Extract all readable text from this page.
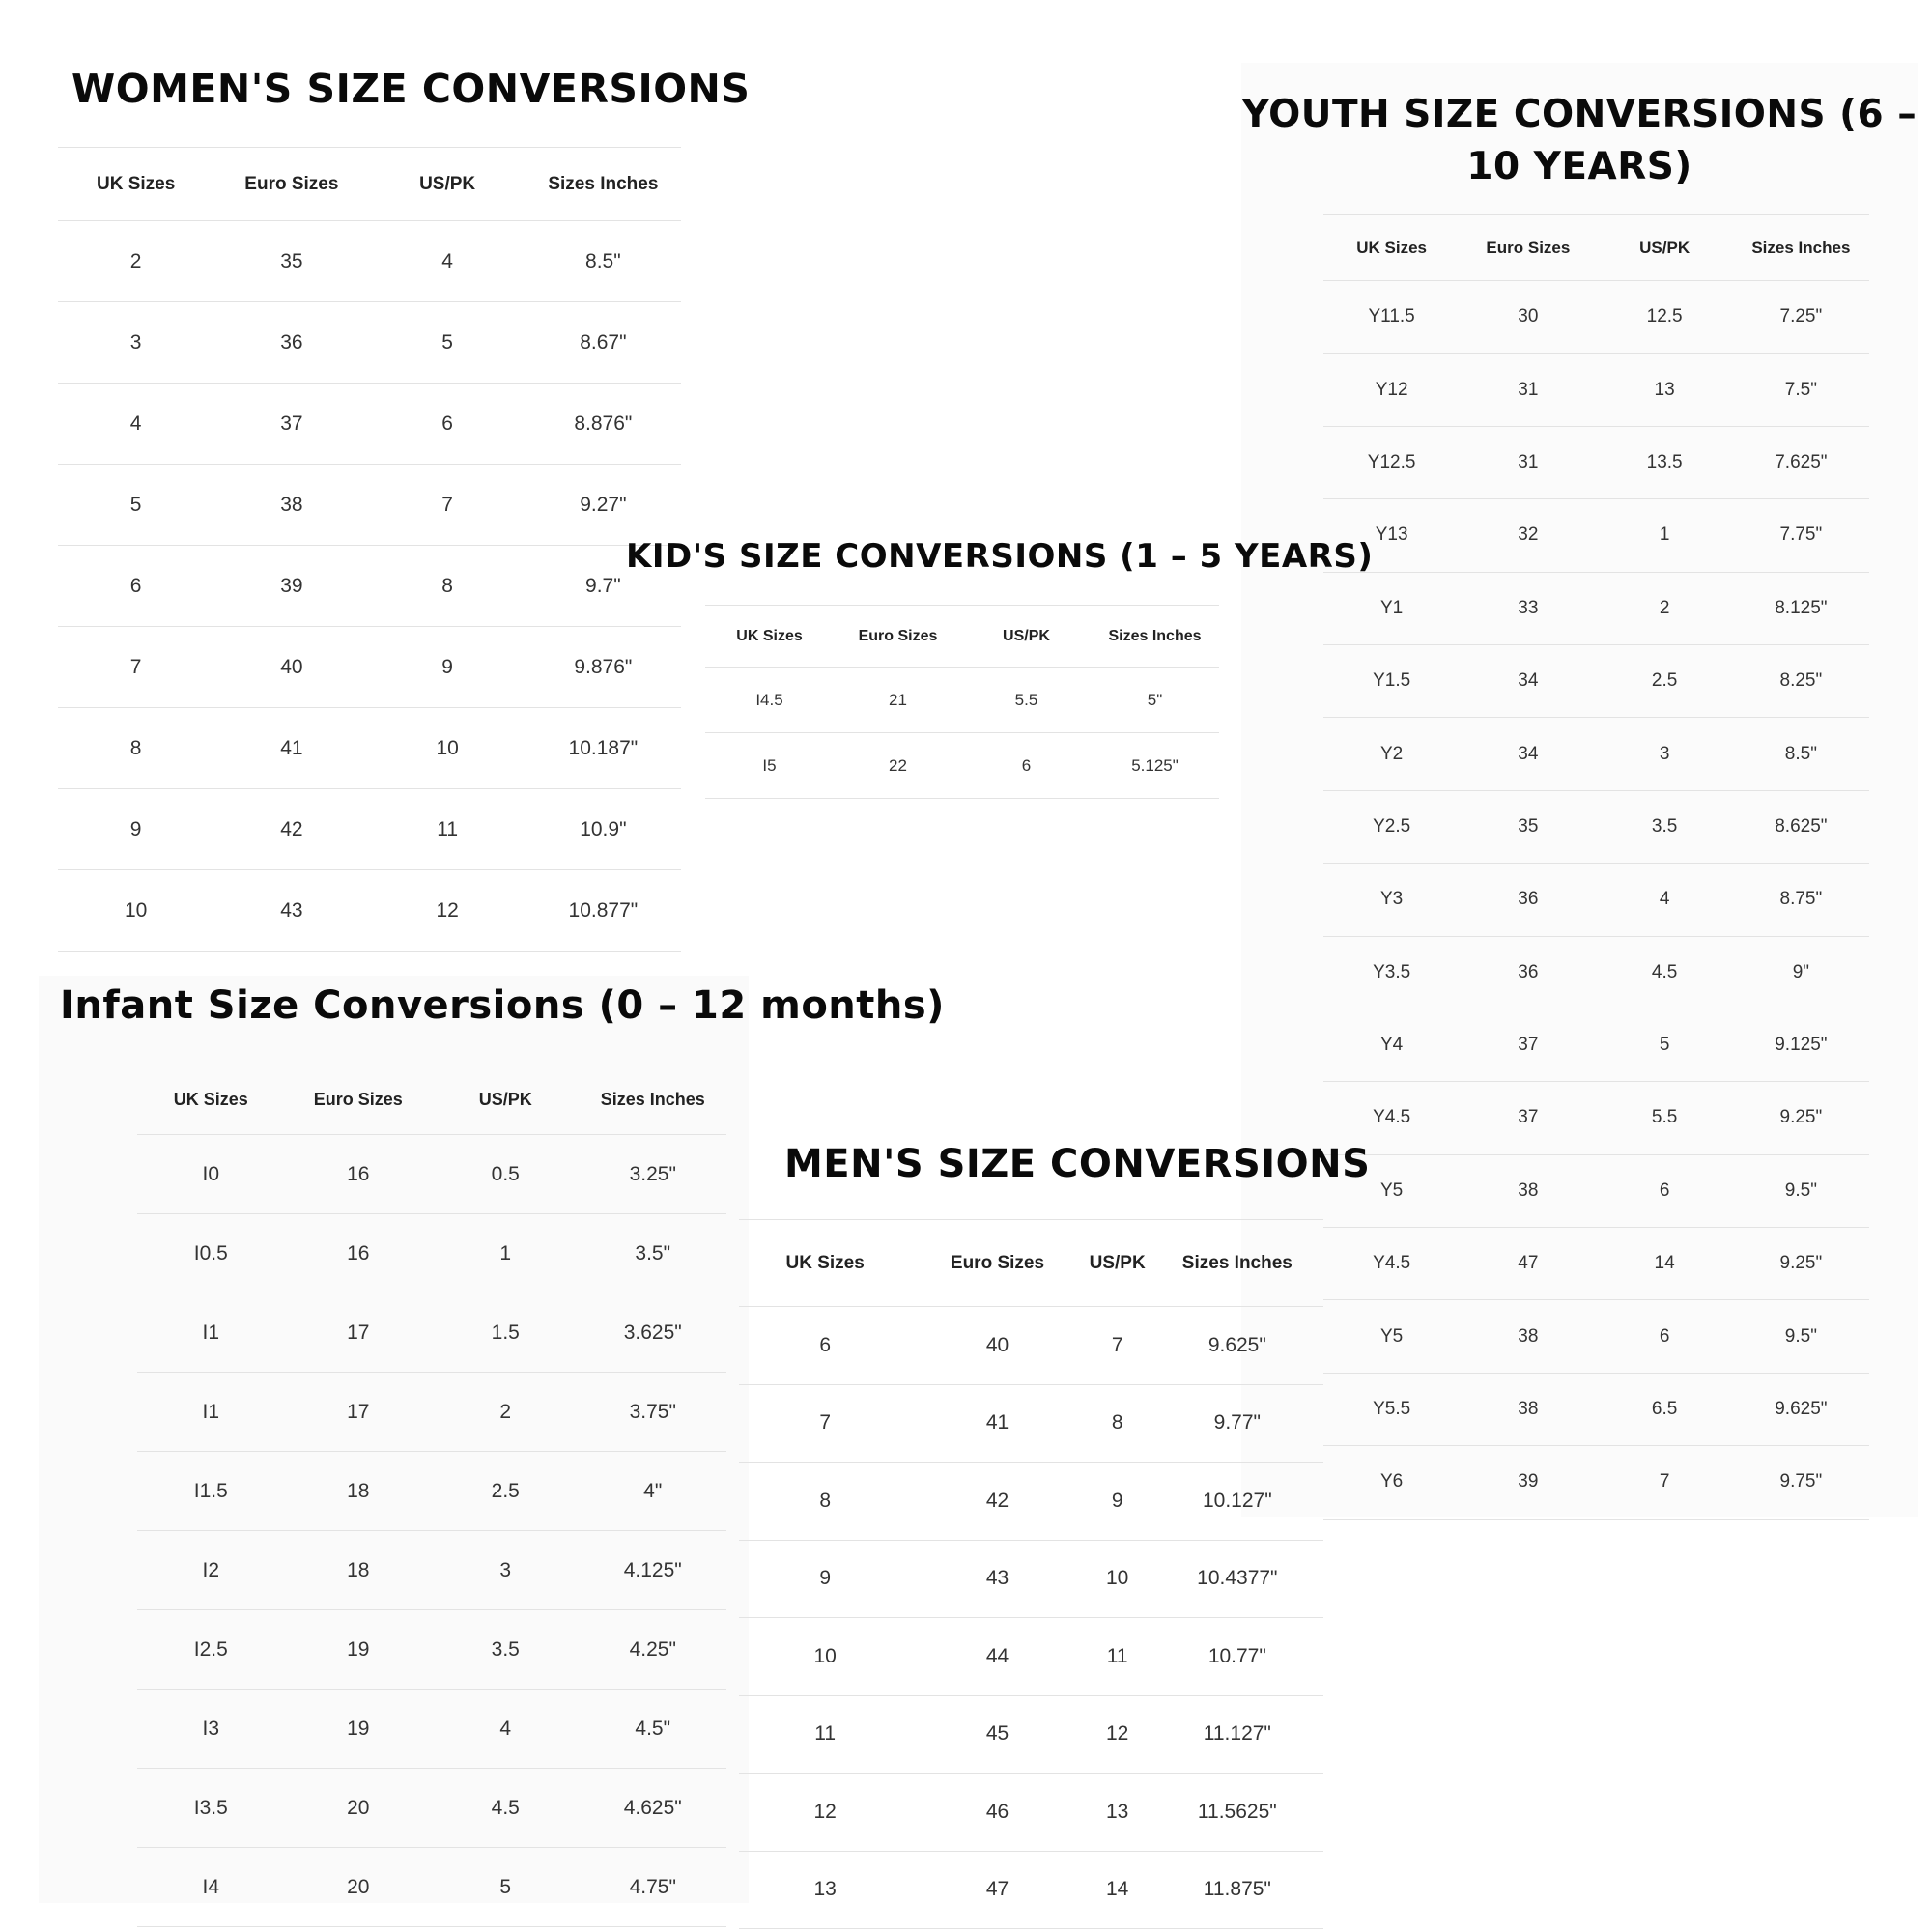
WOMEN'S SIZE CONVERSIONS
UK Sizes	Euro Sizes	US/PK	Sizes Inches
2	35	4	8.5"
3	36	5	8.67"
4	37	6	8.876"
5	38	7	9.27"
6	39	8	9.7"
7	40	9	9.876"
8	41	10	10.187"
9	42	11	10.9"
10	43	12	10.877"
YOUTH SIZE CONVERSIONS (6 – 10 YEARS)
UK Sizes	Euro Sizes	US/PK	Sizes Inches
Y11.5	30	12.5	7.25"
Y12	31	13	7.5"
Y12.5	31	13.5	7.625"
Y13	32	1	7.75"
Y1	33	2	8.125"
Y1.5	34	2.5	8.25"
Y2	34	3	8.5"
Y2.5	35	3.5	8.625"
Y3	36	4	8.75"
Y3.5	36	4.5	9"
Y4	37	5	9.125"
Y4.5	37	5.5	9.25"
Y5	38	6	9.5"
Y4.5	47	14	9.25"
Y5	38	6	9.5"
Y5.5	38	6.5	9.625"
Y6	39	7	9.75"
KID'S SIZE CONVERSIONS (1 – 5 YEARS)
UK Sizes	Euro Sizes	US/PK	Sizes Inches
I4.5	21	5.5	5"
I5	22	6	5.125"
Infant Size Conversions (0 – 12 months)
UK Sizes	Euro Sizes	US/PK	Sizes Inches
I0	16	0.5	3.25"
I0.5	16	1	3.5"
I1	17	1.5	3.625"
I1	17	2	3.75"
I1.5	18	2.5	4"
I2	18	3	4.125"
I2.5	19	3.5	4.25"
I3	19	4	4.5"
I3.5	20	4.5	4.625"
I4	20	5	4.75"
MEN'S SIZE CONVERSIONS
UK Sizes	Euro Sizes	US/PK	Sizes Inches
6	40	7	9.625"
7	41	8	9.77"
8	42	9	10.127"
9	43	10	10.4377"
10	44	11	10.77"
11	45	12	11.127"
12	46	13	11.5625"
13	47	14	11.875"
